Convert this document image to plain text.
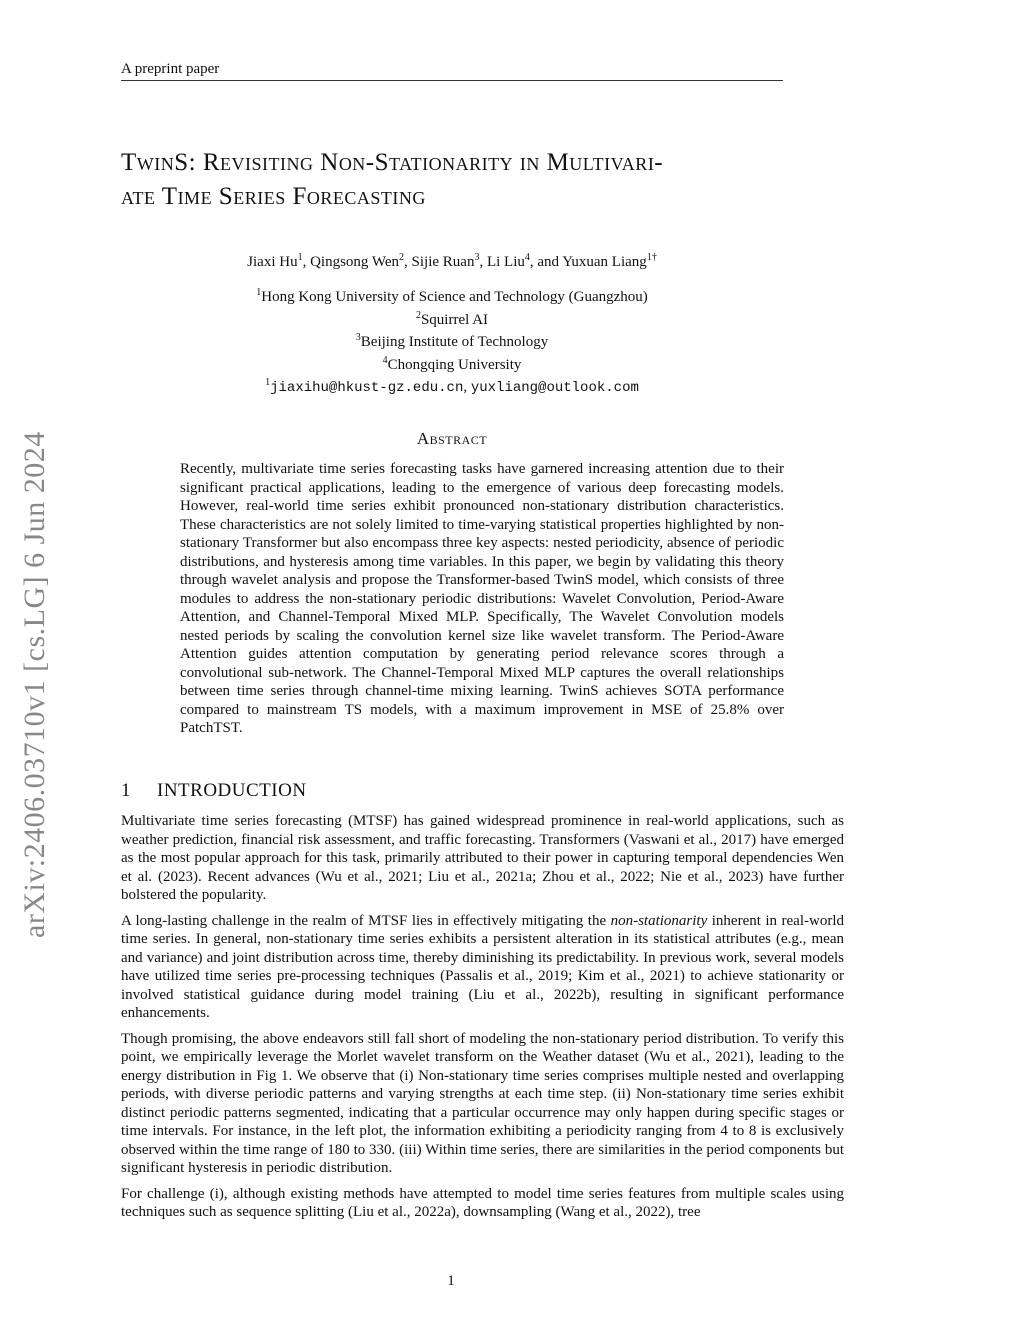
A preprint paper
arXiv:2406.03710v1 [cs.LG] 6 Jun 2024
TwinS: Revisiting Non-Stationarity in Multivari-
ate Time Series Forecasting
Jiaxi Hu$^1$, Qingsong Wen$^2$, Sijie Ruan$^3$, Li Liu$^4$, and Yuxuan Liang$^{1\dagger}$
$^1$Hong Kong University of Science and Technology (Guangzhou)
$^2$Squirrel AI
$^3$Beijing Institute of Technology
$^4$Chongqing University
$^1$jiaxihu@hkust-gz.edu.cn, yuxliang@outlook.com
Abstract
Recently, multivariate time series forecasting tasks have garnered increasing attention due to their significant practical applications, leading to the emergence of various deep forecasting models. However, real-world time series exhibit pronounced non-stationary distribution characteristics. These characteristics are not solely limited to time-varying statistical properties highlighted by non-stationary Transformer but also encompass three key aspects: nested periodicity, absence of periodic distributions, and hysteresis among time variables. In this paper, we begin by validating this theory through wavelet analysis and propose the Transformer-based TwinS model, which consists of three modules to address the non-stationary periodic distributions: Wavelet Convolution, Period-Aware Attention, and Channel-Temporal Mixed MLP. Specifically, The Wavelet Convolution models nested periods by scaling the convolution kernel size like wavelet transform. The Period-Aware Attention guides attention computation by generating period relevance scores through a convolutional sub-network. The Channel-Temporal Mixed MLP captures the overall relationships between time series through channel-time mixing learning. TwinS achieves SOTA performance compared to mainstream TS models, with a maximum improvement in MSE of 25.8% over PatchTST.
1 INTRODUCTION

Multivariate time series forecasting (MTSF) has gained widespread prominence in real-world applications, such as weather prediction, financial risk assessment, and traffic forecasting. Transformers (Vaswani et al., 2017) have emerged as the most popular approach for this task, primarily attributed to their power in capturing temporal dependencies Wen et al. (2023). Recent advances (Wu et al., 2021; Liu et al., 2021a; Zhou et al., 2022; Nie et al., 2023) have further bolstered the popularity.

A long-lasting challenge in the realm of MTSF lies in effectively mitigating the non-stationarity inherent in real-world time series. In general, non-stationary time series exhibits a persistent alteration in its statistical attributes (e.g., mean and variance) and joint distribution across time, thereby diminishing its predictability. In previous work, several models have utilized time series pre-processing techniques (Passalis et al., 2019; Kim et al., 2021) to achieve stationarity or involved statistical guidance during model training (Liu et al., 2022b), resulting in significant performance enhancements.

Though promising, the above endeavors still fall short of modeling the non-stationary period distribution. To verify this point, we empirically leverage the Morlet wavelet transform on the Weather dataset (Wu et al., 2021), leading to the energy distribution in Fig 1. We observe that (i) Non-stationary time series comprises multiple nested and overlapping periods, with diverse periodic patterns and varying strengths at each time step. (ii) Non-stationary time series exhibit distinct periodic patterns segmented, indicating that a particular occurrence may only happen during specific stages or time intervals. For instance, in the left plot, the information exhibiting a periodicity ranging from 4 to 8 is exclusively observed within the time range of 180 to 330. (iii) Within time series, there are similarities in the period components but significant hysteresis in periodic distribution.

For challenge (i), although existing methods have attempted to model time series features from multiple scales using techniques such as sequence splitting (Liu et al., 2022a), downsampling (Wang et al., 2022), tree

1
